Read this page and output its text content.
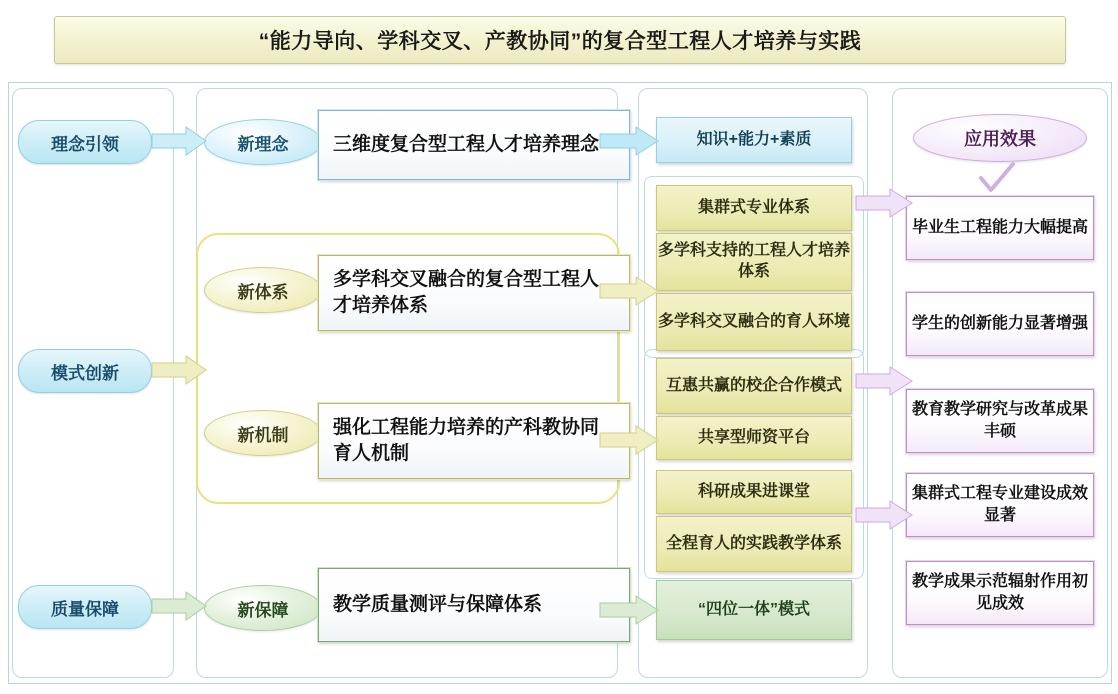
“能力导向、学科交叉、产教协同”的复合型工程人才培养与实践
理念引领
模式创新
质量保障
新理念
新体系
新机制
新保障
三维度复合型工程人才培养理念
多学科交叉融合的复合型工程人才培养体系
强化工程能力培养的产科教协同育人机制
教学质量测评与保障体系
知识+能力+素质
集群式专业体系
多学科支持的工程人才培养体系
多学科交叉融合的育人环境
互惠共赢的校企合作模式
共享型师资平台
科研成果进课堂
全程育人的实践教学体系
“四位一体”模式
应用效果
毕业生工程能力大幅提高
学生的创新能力显著增强
教育教学研究与改革成果丰硕
集群式工程专业建设成效显著
教学成果示范辐射作用初见成效
